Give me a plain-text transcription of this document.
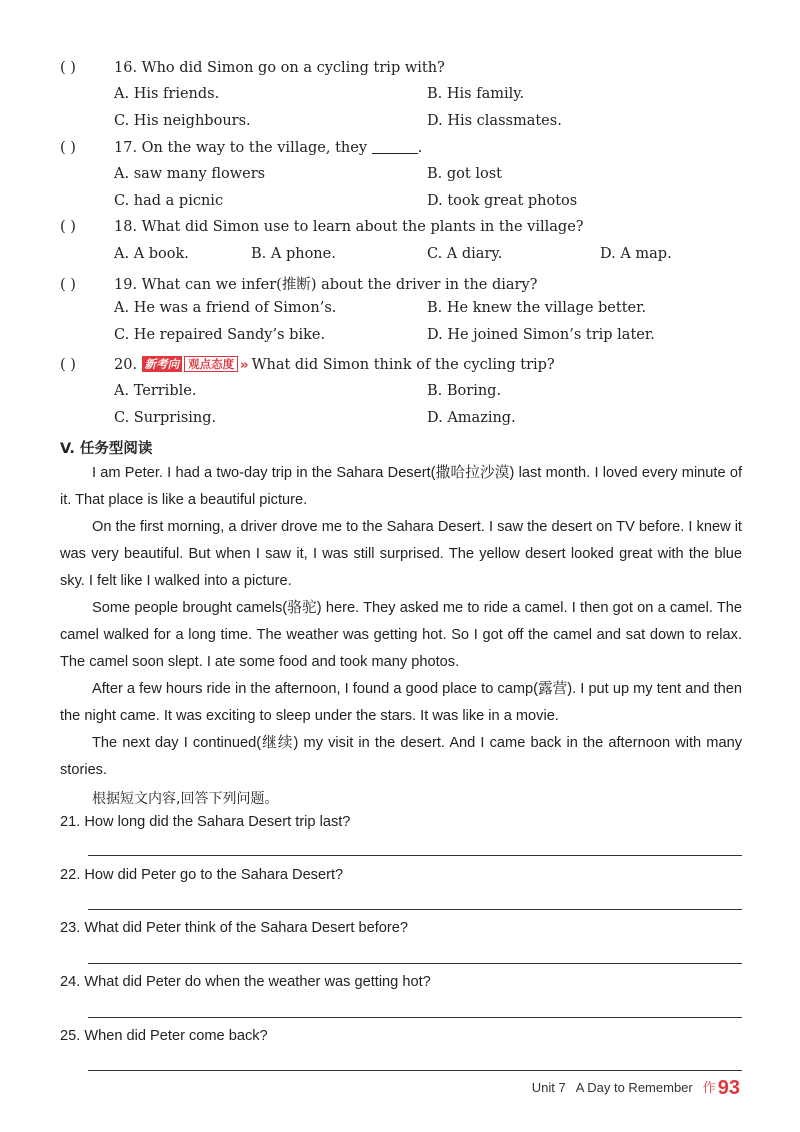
( )	16. Who did Simon go on a cycling trip with?
A. His friends.	B. His family.
C. His neighbours.	D. His classmates.
( )	17. On the way to the village, they	.
A. saw many flowers	B. got lost
C. had a picnic	D. took great photos
( )	18. What did Simon use to learn about the plants in the village?
A. A book.	B. A phone.	C. A diary.	D. A map.
( )	19. What can we infer(推断) about the driver in the diary?
A. He was a friend of Simon’s.	B. He knew the village better.
C. He repaired Sandy’s bike.	D. He joined Simon’s trip later.
( )	20. 新考向 观点态度 » What did Simon think of the cycling trip?
A. Terrible.	B. Boring.
C. Surprising.	D. Amazing.
V. 任务型阅读

I am Peter. I had a two-day trip in the Sahara Desert(撒哈拉沙漠) last month. I loved every minute of it. That place is like a beautiful picture.

On the first morning, a driver drove me to the Sahara Desert. I saw the desert on TV before. I knew it was very beautiful. But when I saw it, I was still surprised. The yellow desert looked great with the blue sky. I felt like I walked into a picture.

Some people brought camels(骆驼) here. They asked me to ride a camel. I then got on a camel. The camel walked for a long time. The weather was getting hot. So I got off the camel and sat down to relax. The camel soon slept. I ate some food and took many photos.

After a few hours ride in the afternoon, I found a good place to camp(露营). I put up my tent and then the night came. It was exciting to sleep under the stars. It was like in a movie.

The next day I continued(继续) my visit in the desert. And I came back in the afternoon with many stories.

根据短文内容,回答下列问题。
21. How long did the Sahara Desert trip last?
22. How did Peter go to the Sahara Desert?
23. What did Peter think of the Sahara Desert before?
24. What did Peter do when the weather was getting hot?
25. When did Peter come back?
Unit 7 A Day to Remember 作 93
